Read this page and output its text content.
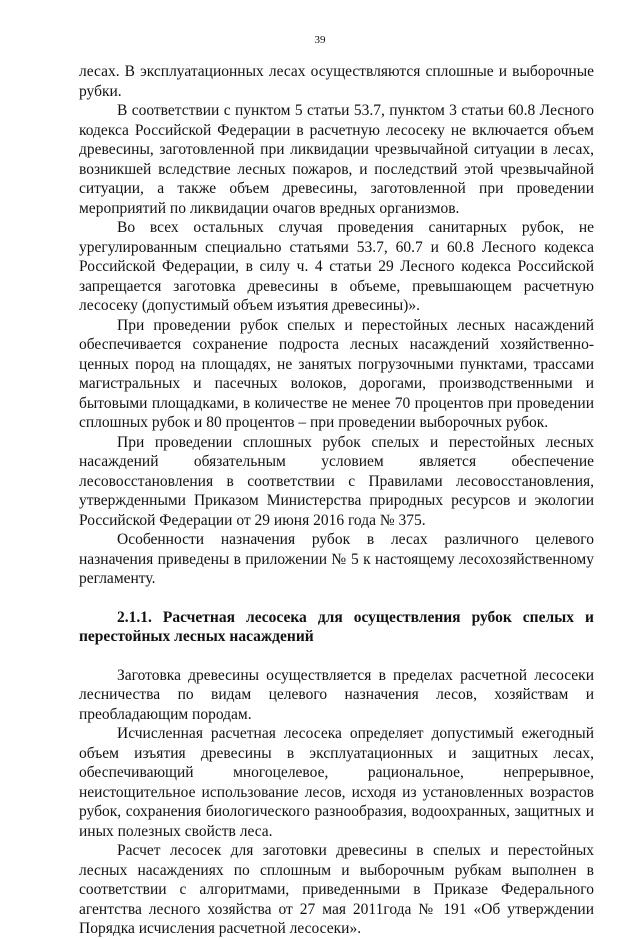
39

лесах. В эксплуатационных лесах осуществляются сплошные и выборочные рубки.

В соответствии с пунктом 5 статьи 53.7, пунктом 3 статьи 60.8 Лесного кодекса Российской Федерации в расчетную лесосеку не включается объем древесины, заготовленной при ликвидации чрезвычайной ситуации в лесах, возникшей вследствие лесных пожаров, и последствий этой чрезвычайной ситуации, а также объем древесины, заготовленной при проведении мероприятий по ликвидации очагов вредных организмов.

Во всех остальных случая проведения санитарных рубок, не урегулированным специально статьями 53.7, 60.7 и 60.8 Лесного кодекса Российской Федерации, в силу ч. 4 статьи 29 Лесного кодекса Российской запрещается заготовка древесины в объеме, превышающем расчетную лесосеку (допустимый объем изъятия древесины)».

При проведении рубок спелых и перестойных лесных насаждений обеспечивается сохранение подроста лесных насаждений хозяйственно-ценных пород на площадях, не занятых погрузочными пунктами, трассами магистральных и пасечных волоков, дорогами, производственными и бытовыми площадками, в количестве не менее 70 процентов при проведении сплошных рубок и 80 процентов – при проведении выборочных рубок.

При проведении сплошных рубок спелых и перестойных лесных насаждений обязательным условием является обеспечение лесовосстановления в соответствии с Правилами лесовосстановления, утвержденными Приказом Министерства природных ресурсов и экологии Российской Федерации от 29 июня 2016 года № 375.

Особенности назначения рубок в лесах различного целевого назначения приведены в приложении № 5 к настоящему лесохозяйственному регламенту.

2.1.1. Расчетная лесосека для осуществления рубок спелых и перестойных лесных насаждений

Заготовка древесины осуществляется в пределах расчетной лесосеки лесничества по видам целевого назначения лесов, хозяйствам и преобладающим породам.

Исчисленная расчетная лесосека определяет допустимый ежегодный объем изъятия древесины в эксплуатационных и защитных лесах, обеспечивающий многоцелевое, рациональное, непрерывное, неистощительное использование лесов, исходя из установленных возрастов рубок, сохранения биологического разнообразия, водоохранных, защитных и иных полезных свойств леса.

Расчет лесосек для заготовки древесины в спелых и перестойных лесных насаждениях по сплошным и выборочным рубкам выполнен в соответствии с алгоритмами, приведенными в Приказе Федерального агентства лесного хозяйства от 27 мая 2011года № 191 «Об утверждении Порядка исчисления расчетной лесосеки».
